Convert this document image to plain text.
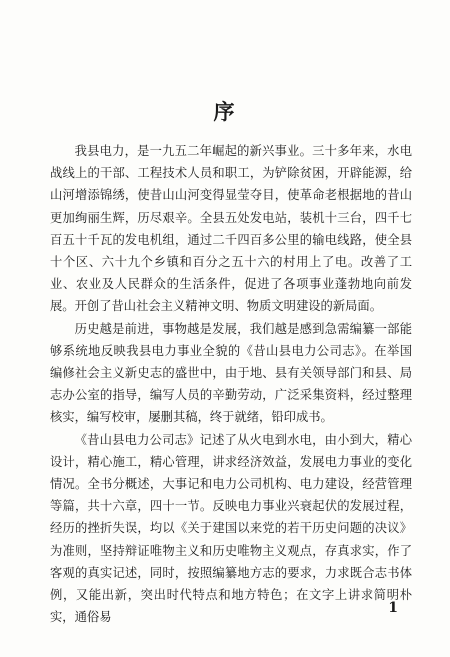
序

我县电力，是一九五二年崛起的新兴事业。三十多年来，水电战线上的干部、工程技术人员和职工，为铲除贫困，开辟能源，给山河增添锦绣，使昔山山河变得显莹夺目，使革命老根据地的昔山更加绚丽生辉，历尽艰辛。全县五处发电站，装机十三台，四千七百五十千瓦的发电机组，通过二千四百多公里的输电线路，使全县十个区、六十九个乡镇和百分之五十六的村用上了电。改善了工业、农业及人民群众的生活条件，促进了各项事业蓬勃地向前发展。开创了昔山社会主义精神文明、物质文明建设的新局面。

历史越是前进，事物越是发展，我们越是感到急需编纂一部能够系统地反映我县电力事业全貌的《昔山县电力公司志》。在举国编修社会主义新史志的盛世中，由于地、县有关领导部门和县、局志办公室的指导，编写人员的辛勤劳动，广泛采集资料，经过整理核实，编写校审，屡删其稿，终于就绪，铅印成书。

《昔山县电力公司志》记述了从火电到水电，由小到大，精心设计，精心施工，精心管理，讲求经济效益，发展电力事业的变化情况。全书分概述，大事记和电力公司机构、电力建设，经营管理等篇，共十六章，四十一节。反映电力事业兴衰起伏的发展过程，经历的挫折失误，均以《关于建国以来党的若干历史问题的决议》为准则，坚持辩证唯物主义和历史唯物主义观点，存真求实，作了客观的真实记述，同时，按照编纂地方志的要求，力求既合志书体例，又能出新，突出时代特点和地方特色；在文字上讲求简明朴实，通俗易

1
